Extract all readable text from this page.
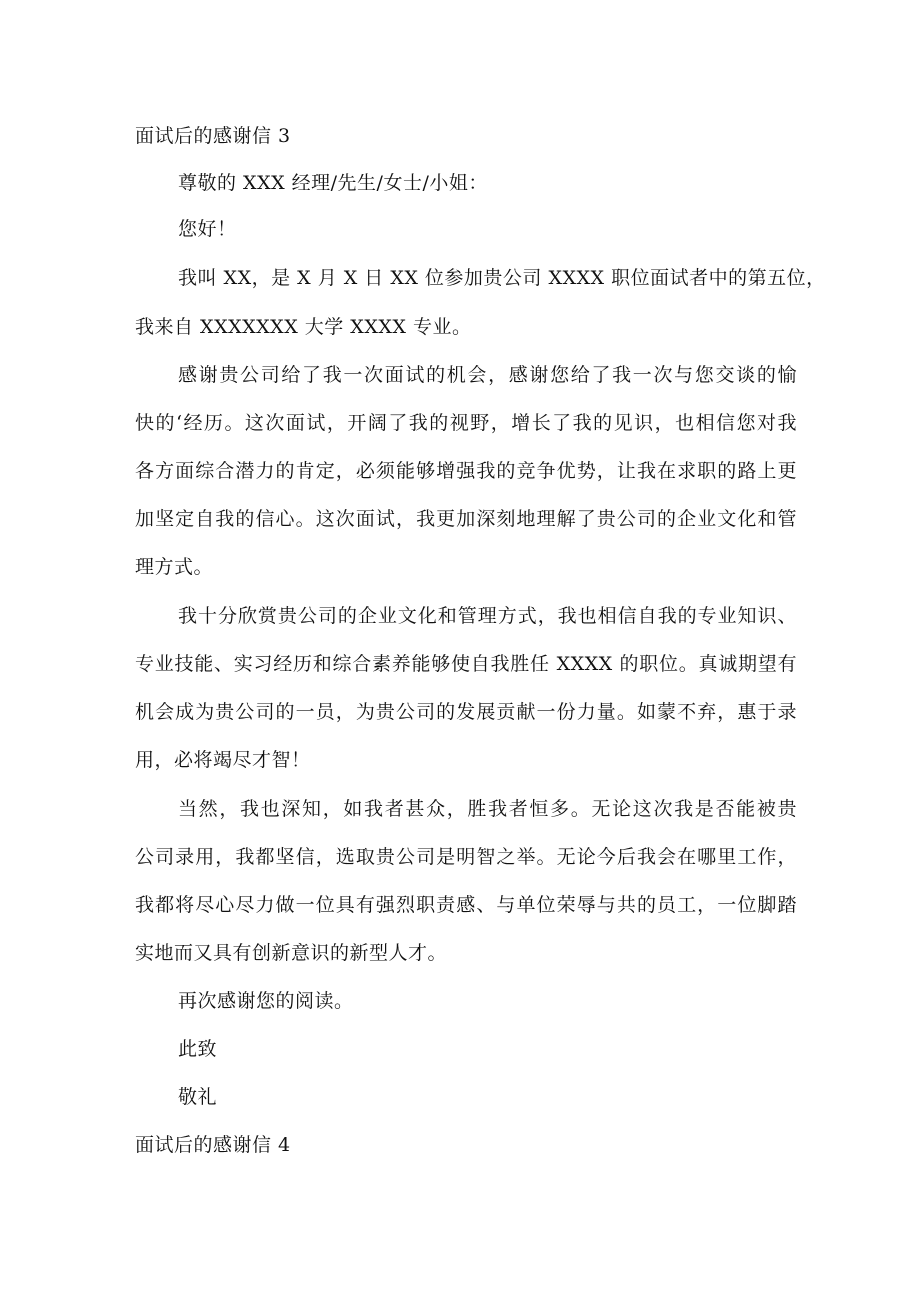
面试后的感谢信 3
尊敬的 XXX 经理/先生/女士/小姐：
您好！
我叫 XX，是 X 月 X 日 XX 位参加贵公司 XXXX 职位面试者中的第五位，
我来自 XXXXXXX 大学 XXXX 专业。
感谢贵公司给了我一次面试的机会，感谢您给了我一次与您交谈的愉
快的‘经历。这次面试，开阔了我的视野，增长了我的见识，也相信您对我
各方面综合潜力的肯定，必须能够增强我的竞争优势，让我在求职的路上更
加坚定自我的信心。这次面试，我更加深刻地理解了贵公司的企业文化和管
理方式。
我十分欣赏贵公司的企业文化和管理方式，我也相信自我的专业知识、
专业技能、实习经历和综合素养能够使自我胜任 XXXX 的职位。真诚期望有
机会成为贵公司的一员，为贵公司的发展贡献一份力量。如蒙不弃，惠于录
用，必将竭尽才智！
当然，我也深知，如我者甚众，胜我者恒多。无论这次我是否能被贵
公司录用，我都坚信，选取贵公司是明智之举。无论今后我会在哪里工作，
我都将尽心尽力做一位具有强烈职责感、与单位荣辱与共的员工，一位脚踏
实地而又具有创新意识的新型人才。
再次感谢您的阅读。
此致
敬礼
面试后的感谢信 4
